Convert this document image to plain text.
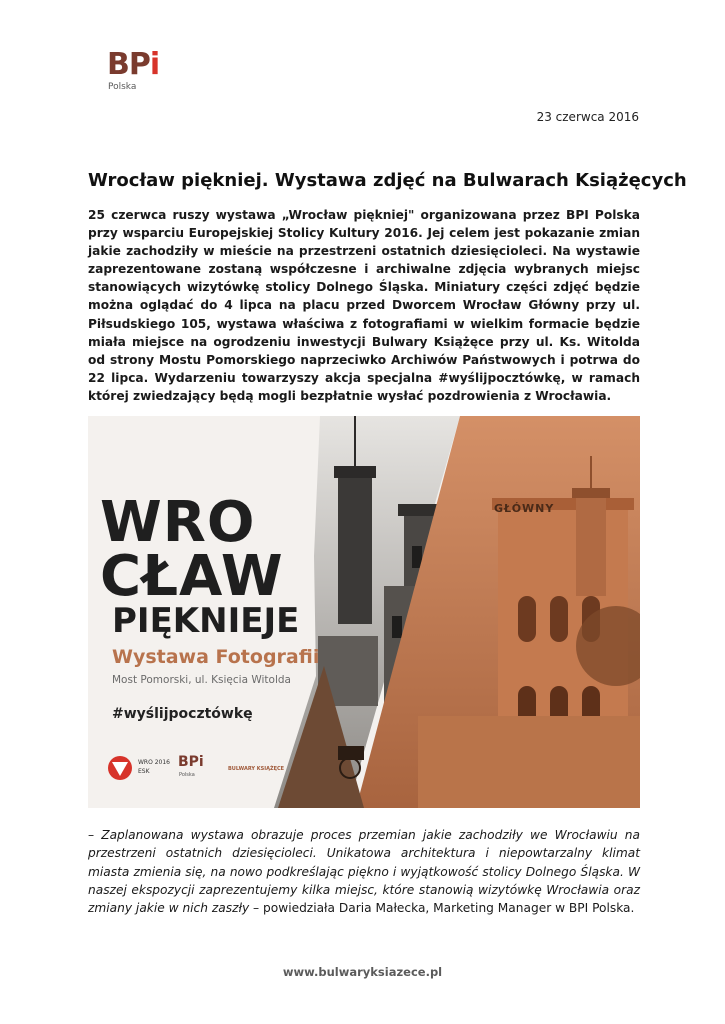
BPi
Polska
23 czerwca 2016
Wrocław piękniej. Wystawa zdjęć na Bulwarach Książęcych

25 czerwca ruszy wystawa „Wrocław piękniej" organizowana przez BPI Polska przy wsparciu Europejskiej Stolicy Kultury 2016. Jej celem jest pokazanie zmian jakie zachodziły w mieście na przestrzeni ostatnich dziesięcioleci. Na wystawie zaprezentowane zostaną współczesne i archiwalne zdjęcia wybranych miejsc stanowiących wizytówkę stolicy Dolnego Śląska. Miniatury części zdjęć będzie można oglądać do 4 lipca na placu przed Dworcem Wrocław Główny przy ul. Piłsudskiego 105, wystawa właściwa z fotografiami w wielkim formacie będzie miała miejsce na ogrodzeniu inwestycji Bulwary Książęce przy ul. Ks. Witolda od strony Mostu Pomorskiego naprzeciwko Archiwów Państwowych i potrwa do 22 lipca. Wydarzeniu towarzyszy akcja specjalna #wyślijpocztówkę, w ramach której zwiedzający będą mogli bezpłatnie wysłać pozdrowienia z Wrocławia.

WRO
CŁAW
PIĘKNIEJE
Wystawa Fotografii
Most Pomorski, ul. Księcia Witolda
#wyślijpocztówkę
GŁÓWNY
WRO 2016
ESK
BPi
Polska
BULWARY KSIĄŻĘCE

– Zaplanowana wystawa obrazuje proces przemian jakie zachodziły we Wrocławiu na przestrzeni ostatnich dziesięcioleci. Unikatowa architektura i niepowtarzalny klimat miasta zmienia się, na nowo podkreślając piękno i wyjątkowość stolicy Dolnego Śląska. W naszej ekspozycji zaprezentujemy kilka miejsc, które stanowią wizytówkę Wrocławia oraz zmiany jakie w nich zaszły – powiedziała Daria Małecka, Marketing Manager w BPI Polska.

www.bulwaryksiazece.pl
